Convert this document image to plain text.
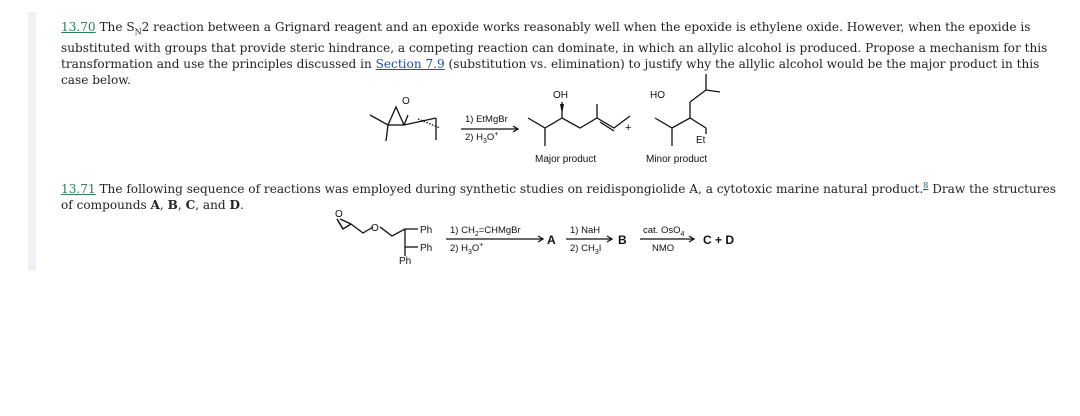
13.70 The $S_N2$ reaction between a Grignard reagent and an epoxide works reasonably well when the epoxide is ethylene oxide. However, when the epoxide is substituted with groups that provide steric hindrance, a competing reaction can dominate, in which an allylic alcohol is produced. Propose a mechanism for this transformation and use the principles discussed in Section 7.9 (substitution vs. elimination) to justify why the allylic alcohol would be the major product in this case below.
13.71 The following sequence of reactions was employed during synthetic studies on reidispongiolide A, a cytotoxic marine natural product.$^8$ Draw the structures of compounds A, B, C, and D.
O
1) EtMgBr
2) $H_3O^+$
OH
+
HO
Et
Major product	Minor product
O
O	Ph
Ph
Ph
1) $CH_2=CHMgBr$
2) $H_3O^+$	A
1) NaH
2) $CH_3I$
B
cat. OsO$_4$
NMO
C + D
